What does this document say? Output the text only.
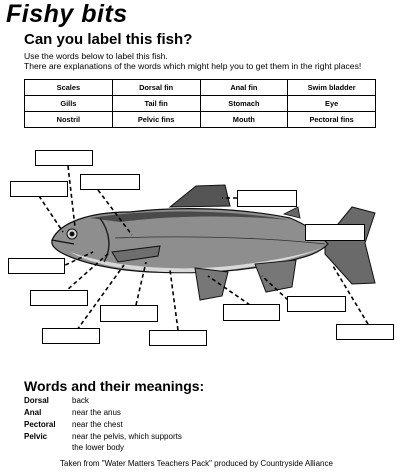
Fishy bits
Can you label this fish?
Use the words below to label this fish.
There are explanations of the words which might help you to get them in the right places!
Scales	Dorsal fin	Anal fin	Swim bladder
Gills	Tail fin	Stomach	Eye
Nostril	Pelvic fins	Mouth	Pectoral fins
Words and their meanings:
Dorsal	back
Anal	near the anus
Pectoral near the chest
Pelvic	near the pelvis, which supports
the lower body
Taken from "Water Matters Teachers Pack" produced by Countryside Alliance
